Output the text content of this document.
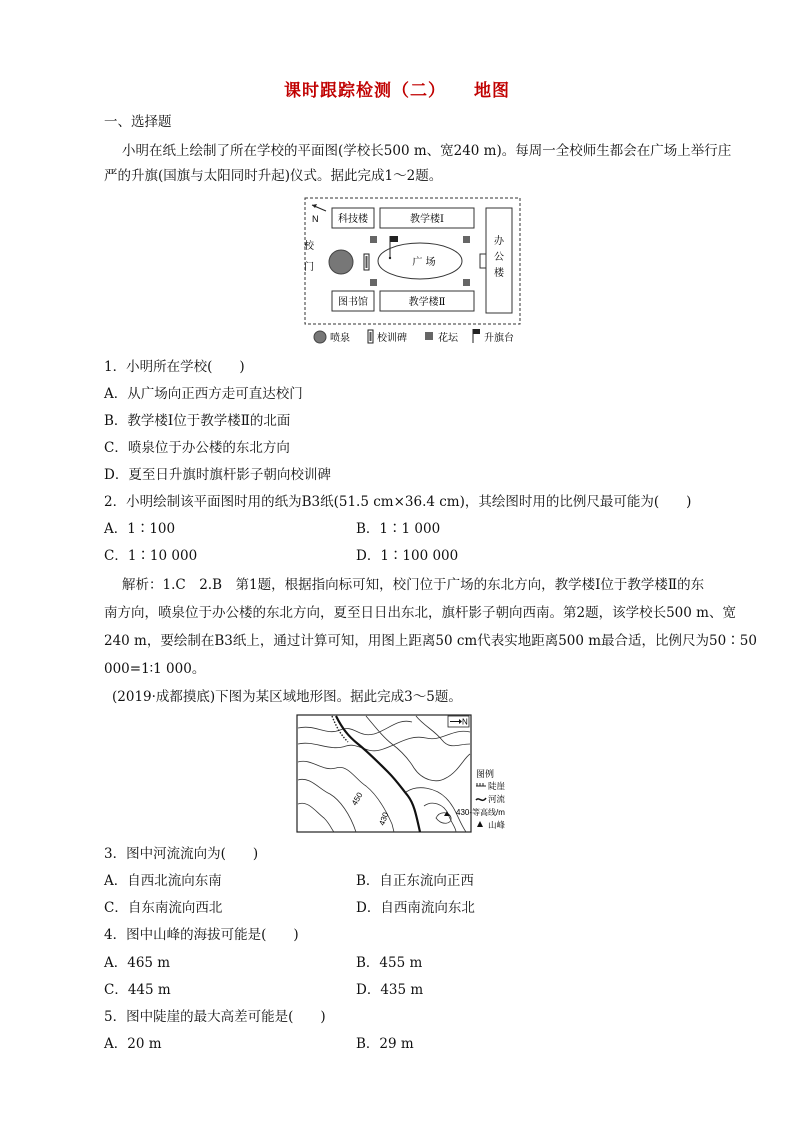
课时跟踪检测（二） 地图
一、选择题
小明在纸上绘制了所在学校的平面图(学校长500 m、宽240 m)。每周一全校师生都会在广场上举行庄
严的升旗(国旗与太阳同时升起)仪式。据此完成1～2题。
N 科技楼	教学楼Ⅰ
图书馆	教学楼Ⅱ
办
公
楼
校
门	广 场
喷泉	校训碑	花坛	升旗台
1．小明所在学校(　　)
A．从广场向正西方走可直达校门
B．教学楼Ⅰ位于教学楼Ⅱ的北面
C．喷泉位于办公楼的东北方向
D．夏至日升旗时旗杆影子朝向校训碑
2．小明绘制该平面图时用的纸为B3纸(51.5 cm×36.4 cm)，其绘图时用的比例尺最可能为(　　)
A．1∶100	B．1∶1 000
C．1∶10 000	D．1∶100 000
解析：1.C　2.B　第1题，根据指向标可知，校门位于广场的东北方向，教学楼Ⅰ位于教学楼Ⅱ的东
南方向，喷泉位于办公楼的东北方向，夏至日日出东北，旗杆影子朝向西南。第2题，该学校长500 m、宽
240 m，要绘制在B3纸上，通过计算可知，用图上距离50 cm代表实地距离500 m最合适，比例尺为50∶50
000=1∶1 000。
(2019·成都摸底)下图为某区域地形图。据此完成3～5题。
450
430
N
图例
陡崖
河流
430-等高线/m
山峰
3．图中河流流向为(　　)
A．自西北流向东南	B．自正东流向正西
C．自东南流向西北	D．自西南流向东北
4．图中山峰的海拔可能是(　　)
A．465 m	B．455 m
C．445 m	D．435 m
5．图中陡崖的最大高差可能是(　　)
A．20 m	B．29 m
